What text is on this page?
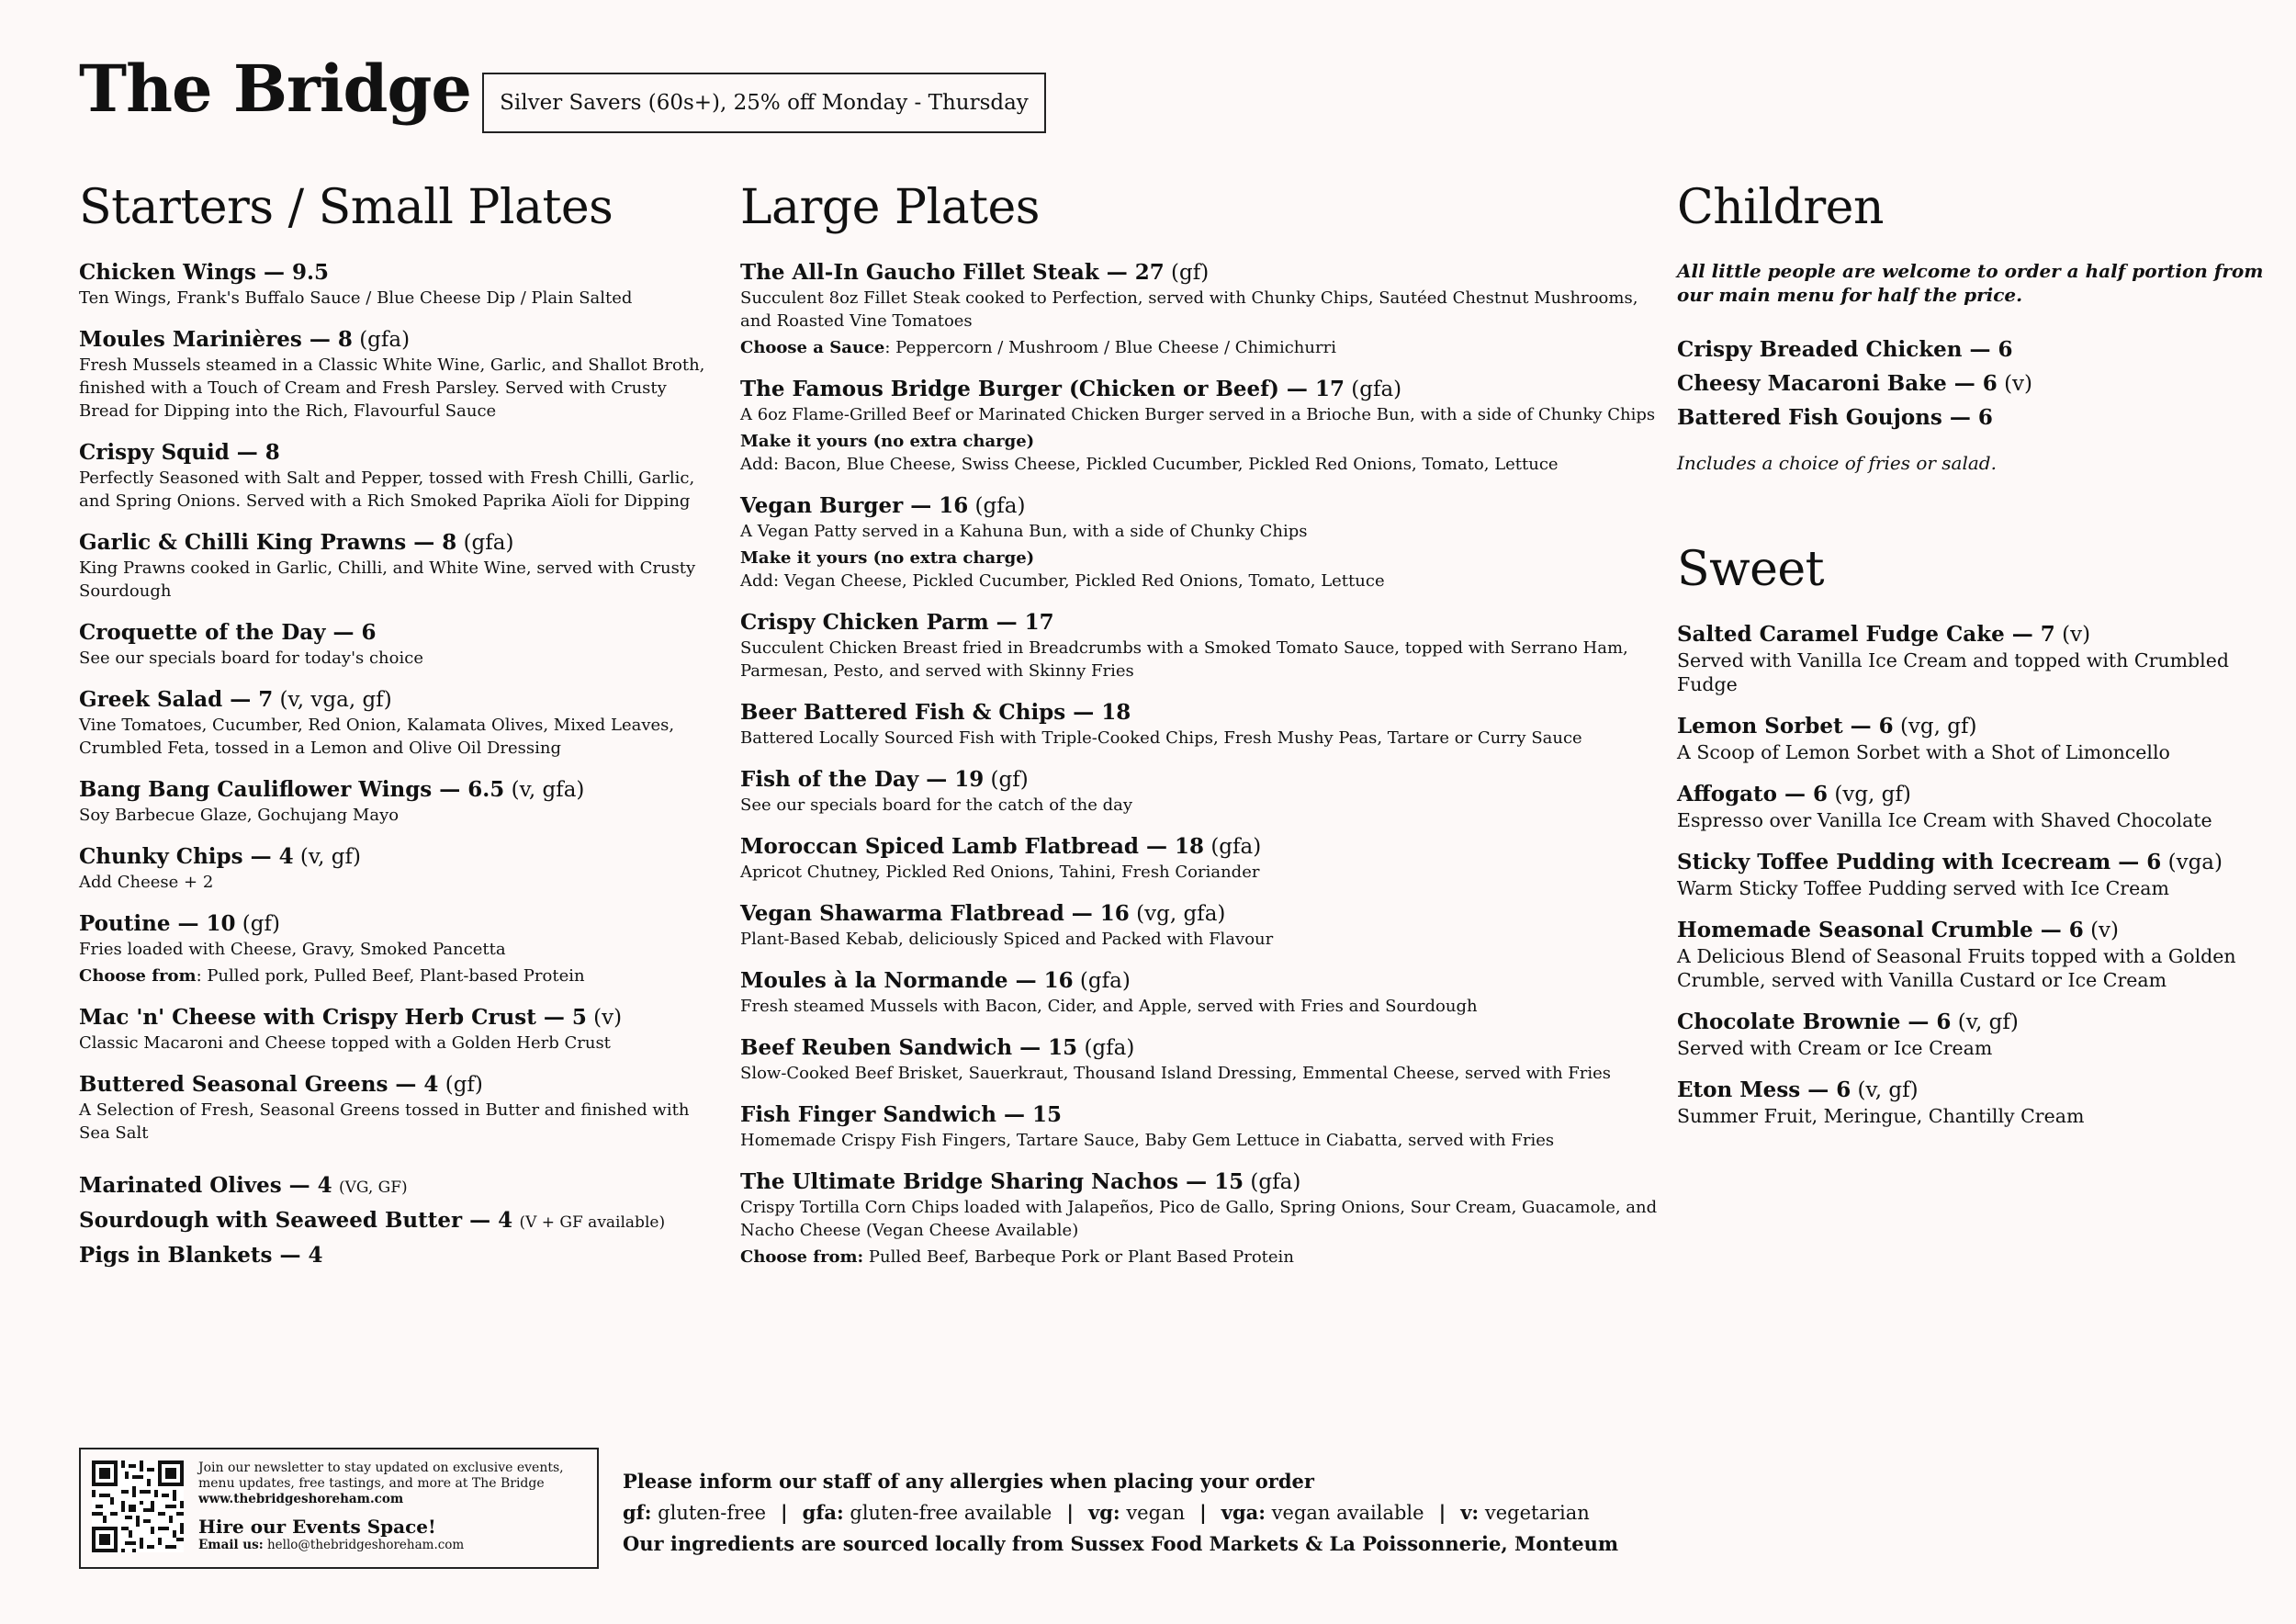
The Bridge Silver Savers (60s+), 25% off Monday - Thursday
Starters / Small Plates
Chicken Wings — 9.5
Ten Wings, Frank's Buffalo Sauce / Blue Cheese Dip / Plain Salted
Moules Marinières — 8 (gfa)
Fresh Mussels steamed in a Classic White Wine, Garlic, and Shallot Broth, finished with a Touch of Cream and Fresh Parsley. Served with Crusty Bread for Dipping into the Rich, Flavourful Sauce
Crispy Squid — 8
Perfectly Seasoned with Salt and Pepper, tossed with Fresh Chilli, Garlic, and Spring Onions. Served with a Rich Smoked Paprika Aïoli for Dipping
Garlic & Chilli King Prawns — 8 (gfa)
King Prawns cooked in Garlic, Chilli, and White Wine, served with Crusty Sourdough
Croquette of the Day — 6
See our specials board for today's choice
Greek Salad — 7 (v, vga, gf)
Vine Tomatoes, Cucumber, Red Onion, Kalamata Olives, Mixed Leaves, Crumbled Feta, tossed in a Lemon and Olive Oil Dressing
Bang Bang Cauliflower Wings — 6.5 (v, gfa)
Soy Barbecue Glaze, Gochujang Mayo
Chunky Chips — 4 (v, gf)
Add Cheese + 2
Poutine — 10 (gf)
Fries loaded with Cheese, Gravy, Smoked Pancetta
Choose from: Pulled pork, Pulled Beef, Plant-based Protein
Mac 'n' Cheese with Crispy Herb Crust — 5 (v)
Classic Macaroni and Cheese topped with a Golden Herb Crust
Buttered Seasonal Greens — 4 (gf)
A Selection of Fresh, Seasonal Greens tossed in Butter and finished with Sea Salt
Marinated Olives — 4 (VG, GF)
Sourdough with Seaweed Butter — 4 (V + GF available)
Pigs in Blankets — 4
Large Plates
The All-In Gaucho Fillet Steak — 27 (gf)
Succulent 8oz Fillet Steak cooked to Perfection, served with Chunky Chips, Sautéed Chestnut Mushrooms, and Roasted Vine Tomatoes
Choose a Sauce: Peppercorn / Mushroom / Blue Cheese / Chimichurri
The Famous Bridge Burger (Chicken or Beef) — 17 (gfa)
A 6oz Flame-Grilled Beef or Marinated Chicken Burger served in a Brioche Bun, with a side of Chunky Chips
Make it yours (no extra charge)
Add: Bacon, Blue Cheese, Swiss Cheese, Pickled Cucumber, Pickled Red Onions, Tomato, Lettuce
Vegan Burger — 16 (gfa)
A Vegan Patty served in a Kahuna Bun, with a side of Chunky Chips
Make it yours (no extra charge)
Add: Vegan Cheese, Pickled Cucumber, Pickled Red Onions, Tomato, Lettuce
Crispy Chicken Parm — 17
Succulent Chicken Breast fried in Breadcrumbs with a Smoked Tomato Sauce, topped with Serrano Ham, Parmesan, Pesto, and served with Skinny Fries
Beer Battered Fish & Chips — 18
Battered Locally Sourced Fish with Triple-Cooked Chips, Fresh Mushy Peas, Tartare or Curry Sauce
Fish of the Day — 19 (gf)
See our specials board for the catch of the day
Moroccan Spiced Lamb Flatbread — 18 (gfa)
Apricot Chutney, Pickled Red Onions, Tahini, Fresh Coriander
Vegan Shawarma Flatbread — 16 (vg, gfa)
Plant-Based Kebab, deliciously Spiced and Packed with Flavour
Moules à la Normande — 16 (gfa)
Fresh steamed Mussels with Bacon, Cider, and Apple, served with Fries and Sourdough
Beef Reuben Sandwich — 15 (gfa)
Slow-Cooked Beef Brisket, Sauerkraut, Thousand Island Dressing, Emmental Cheese, served with Fries
Fish Finger Sandwich — 15
Homemade Crispy Fish Fingers, Tartare Sauce, Baby Gem Lettuce in Ciabatta, served with Fries
The Ultimate Bridge Sharing Nachos — 15 (gfa)
Crispy Tortilla Corn Chips loaded with Jalapeños, Pico de Gallo, Spring Onions, Sour Cream, Guacamole, and Nacho Cheese (Vegan Cheese Available)
Choose from: Pulled Beef, Barbeque Pork or Plant Based Protein
Children
All little people are welcome to order a half portion from our main menu for half the price.
Crispy Breaded Chicken — 6
Cheesy Macaroni Bake — 6 (v)
Battered Fish Goujons — 6
Includes a choice of fries or salad.
Sweet
Salted Caramel Fudge Cake — 7 (v)
Served with Vanilla Ice Cream and topped with Crumbled Fudge
Lemon Sorbet — 6 (vg, gf)
A Scoop of Lemon Sorbet with a Shot of Limoncello
Affogato — 6 (vg, gf)
Espresso over Vanilla Ice Cream with Shaved Chocolate
Sticky Toffee Pudding with Icecream — 6 (vga)
Warm Sticky Toffee Pudding served with Ice Cream
Homemade Seasonal Crumble — 6 (v)
A Delicious Blend of Seasonal Fruits topped with a Golden Crumble, served with Vanilla Custard or Ice Cream
Chocolate Brownie — 6 (v, gf)
Served with Cream or Ice Cream
Eton Mess — 6 (v, gf)
Summer Fruit, Meringue, Chantilly Cream
Join our newsletter to stay updated on exclusive events, menu updates, free tastings, and more at The Bridge
www.thebridgeshoreham.com
Hire our Events Space!
Email us: hello@thebridgeshoreham.com
Please inform our staff of any allergies when placing your order
gf: gluten-free | gfa: gluten-free available | vg: vegan | vga: vegan available | v: vegetarian
Our ingredients are sourced locally from Sussex Food Markets & La Poissonnerie, Monteum
